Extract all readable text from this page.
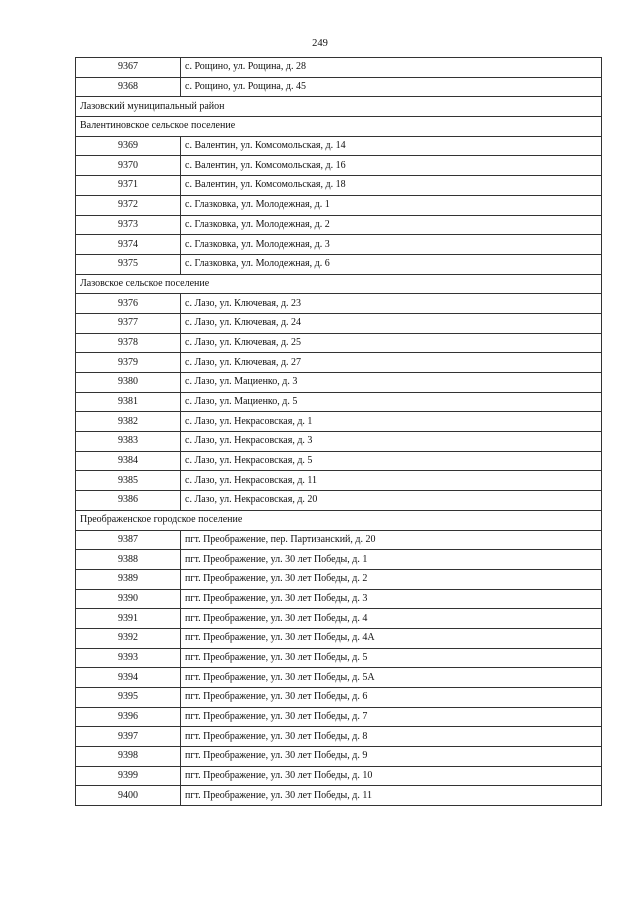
249
9367	с. Рощино, ул. Рощина, д. 28
9368	с. Рощино, ул. Рощина, д. 45
Лазовский муниципальный район	
Валентиновское сельское поселение	
9369	с. Валентин, ул. Комсомольская, д. 14
9370	с. Валентин, ул. Комсомольская, д. 16
9371	с. Валентин, ул. Комсомольская, д. 18
9372	с. Глазковка, ул. Молодежная, д. 1
9373	с. Глазковка, ул. Молодежная, д. 2
9374	с. Глазковка, ул. Молодежная, д. 3
9375	с. Глазковка, ул. Молодежная, д. 6
Лазовское сельское поселение	
9376	с. Лазо, ул. Ключевая, д. 23
9377	с. Лазо, ул. Ключевая, д. 24
9378	с. Лазо, ул. Ключевая, д. 25
9379	с. Лазо, ул. Ключевая, д. 27
9380	с. Лазо, ул. Мациенко, д. 3
9381	с. Лазо, ул. Мациенко, д. 5
9382	с. Лазо, ул. Некрасовская, д. 1
9383	с. Лазо, ул. Некрасовская, д. 3
9384	с. Лазо, ул. Некрасовская, д. 5
9385	с. Лазо, ул. Некрасовская, д. 11
9386	с. Лазо, ул. Некрасовская, д. 20
Преображенское городское поселение	
9387	пгт. Преображение, пер. Партизанский, д. 20
9388	пгт. Преображение, ул. 30 лет Победы, д. 1
9389	пгт. Преображение, ул. 30 лет Победы, д. 2
9390	пгт. Преображение, ул. 30 лет Победы, д. 3
9391	пгт. Преображение, ул. 30 лет Победы, д. 4
9392	пгт. Преображение, ул. 30 лет Победы, д. 4А
9393	пгт. Преображение, ул. 30 лет Победы, д. 5
9394	пгт. Преображение, ул. 30 лет Победы, д. 5А
9395	пгт. Преображение, ул. 30 лет Победы, д. 6
9396	пгт. Преображение, ул. 30 лет Победы, д. 7
9397	пгт. Преображение, ул. 30 лет Победы, д. 8
9398	пгт. Преображение, ул. 30 лет Победы, д. 9
9399	пгт. Преображение, ул. 30 лет Победы, д. 10
9400	пгт. Преображение, ул. 30 лет Победы, д. 11
